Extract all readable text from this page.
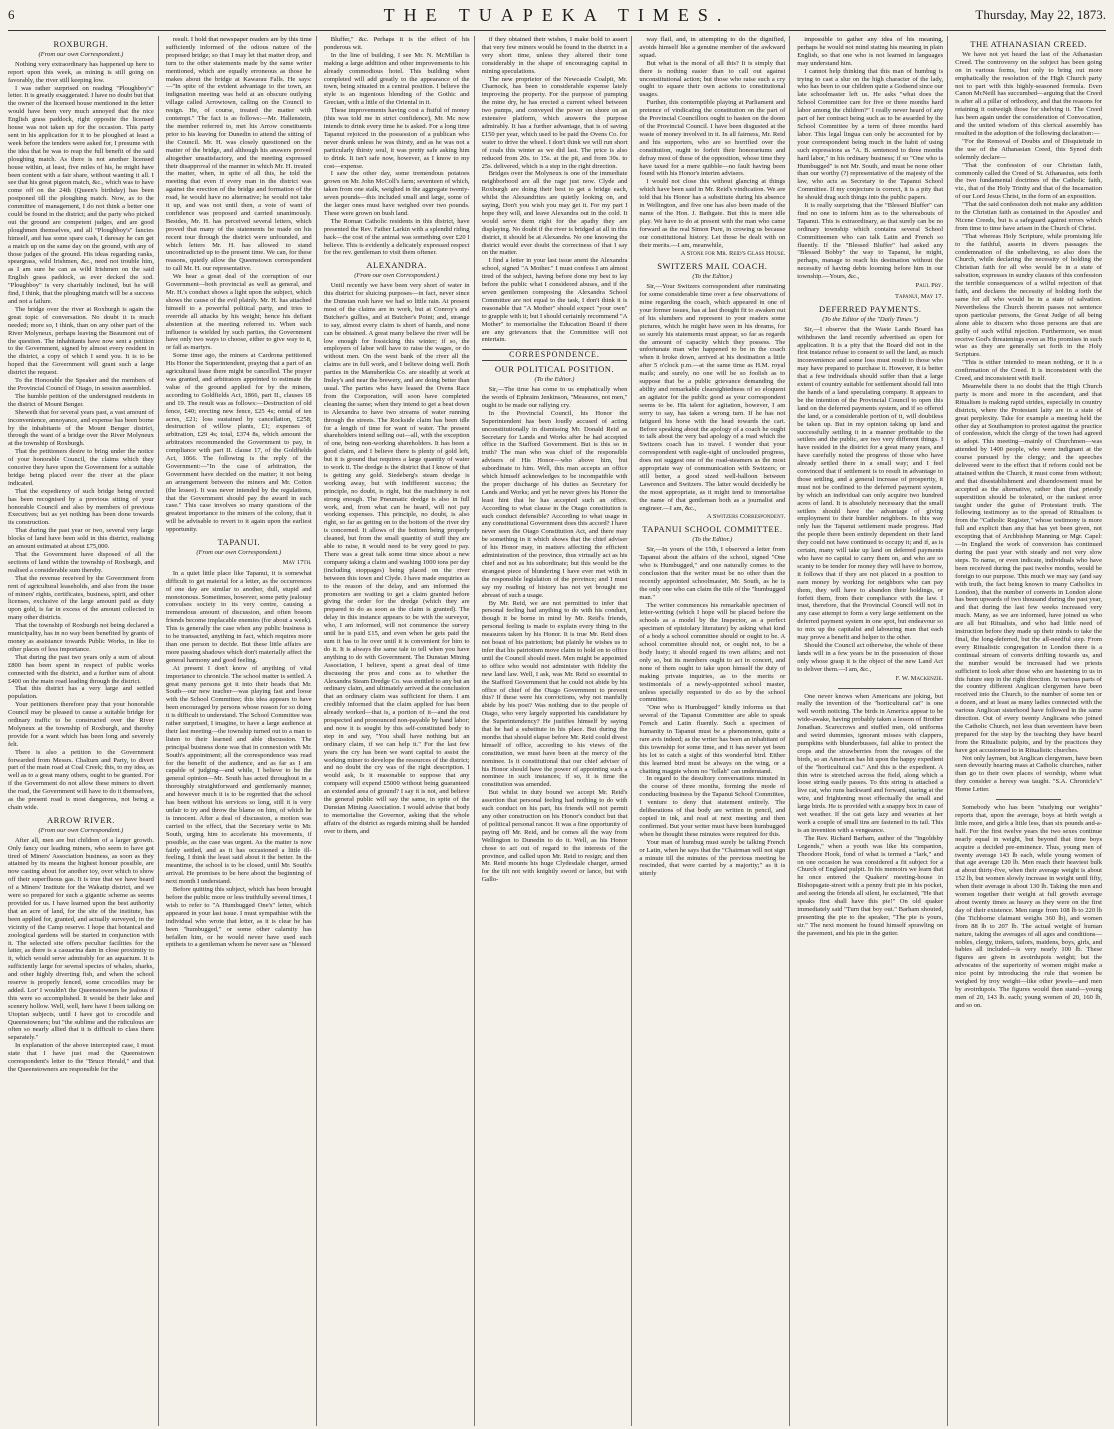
6	THE TUAPEKA TIMES.	Thursday, May 22, 1873.
ROXBURGH.
(From our own Correspondent.)
Nothing very extraordinary has happened up here to report upon this week, as mining is still going on favorably, the river still keeping low.
I was rather surprised on reading "Ploughboy's" letter. It is greatly exaggerated. I have no doubt but that the owner of the licensed house mentioned in the letter would have been very much annoyed that the nice English grass paddock, right opposite the licensed house was not taken up for the occasion. This party sent in his application for it to be ploughed at least a week before the tenders were asked for, I presume with the idea that he was to reap the full benefit of the said ploughing match. As there is not another licensed house within, at least, five miles of his, he might have been content with a fair share, without wanting it all. I see that his great pigeon match, &c., which was to have come off on the 24th (Queen's birthday) has been postponed till the ploughing match. Now, as to the committee of management, I do not think a better one could be found in the district; and the party who picked out the ground are competent judges, and are good ploughmen themselves, and all "Ploughboy's" fancies himself, and has some spare cash, I daresay he can get a match up on the same day on the ground, with any of those judges of the ground. His ideas regarding ranks, speargrass, wild Irishmen, &c., need not trouble him, as I am sure he can as wild Irishmen on the said English grass paddock, as ever decked the sod. "Ploughboy" is very charitably inclined, but he will find, I think, that the ploughing match will be a success and not a failure.
The bridge over the river at Roxburgh is again the great topic of conversation. No doubt it is much needed; more so, I think, than on any other part of the River Molyneux, perhaps leaving the Beaumont out of the question. The inhabitants have now sent a petition to the Government, signed by almost every resident in the district, a copy of which I send you. It is to be hoped that the Government will grant such a large district the request.
To the Honorable the Speaker and the members of the Provincial Council of Otago, in session assembled.
The humble petition of the undersigned residents in the district of Mount Benger.
Sheweth that for several years past, a vast amount of inconvenience, annoyance, and expense has been borne by the inhabitants of the Mount Benger district, through the want of a bridge over the River Molyneux at the township of Roxburgh.
That the petitioners desire to bring under the notice of your honorable Council, the claims which they conceive they have upon the Government for a suitable bridge being placed over the river at the place indicated.
That the expediency of such bridge being erected has been recognised by a previous sitting of your honorable Council and also by members of previous Executives; but as yet nothing has been done towards its construction.
That during the past year or two, several very large blocks of land have been sold in this district, realising an amount estimated at about £75,000.
That the Government have disposed of all the sections of land within the township of Roxburgh, and realised a considerable sum thereby.
That the revenue received by the Government from rent of agricultural leaseholds, and also from the issue of miners' rights, certificates, business, spirit, and other licenses, exclusive of the large amount paid as duty upon gold, is far in excess of the amount collected in many other districts.
That the township of Roxburgh not being declared a municipality, has in no way been benefited by grants of money as assistance towards Public Works, in like to other places of less importance.
That during the past two years only a sum of about £800 has been spent in respect of public works connected with the district, and a further sum of about £400 on the main road leading through the district.
That this district has a very large and settled population.
Your petitioners therefore pray that your honorable Council may be pleased to cause a suitable bridge for ordinary traffic to be constructed over the River Molyneux at the township of Roxburgh, and thereby provide for a want which has been long and severely felt.
There is also a petition to the Government forwarded from Messrs. Chalturn and Party, to divert part of the main road at Coal Creek; this, to my idea, as well as to a great many others, ought to be granted. For if the Government do not allow these miners to divert the road, the Government will have to do it themselves, as the present road is most dangerous, not being a chain wide.
ARROW RIVER.
(From our own Correspondent.)
After all, men are but children of a larger growth. Only fancy our leading miners, who seem to have got tired of Miners' Association business, as soon as they attained by its means the highest honour possible, are now casting about for another toy, over which to show off their superfluous gas. It is true that we have heard of a Miners' Institute for the Wakatip district, and we were so prepared for such a gigantic scheme as seems provided for us. I have learned upon the best authority that an acre of land, for the site of the institute, has been applied for, granted, and actually surveyed, in the vicinity of the Camp reserve. I hope that botanical and zoological gardens will be started in conjunction with it. The selected site offers peculiar facilities for the latter, as there is a casuarina dam in close proximity to it, which would serve admirably for an aquarium. It is sufficiently large for several species of whales, sharks, and other highly diverting fish, and when the school reserve is properly fenced, some crocodiles may be added. Lor' I wouldn't the Queenstowners be jealous if this were so accomplished. It would be their lake and scenery hollow. Well, well, here have I been talking on Utopian subjects, until I have got to crocodile and Queenstowners; but "the sublime and the ridiculous are often so nearly allied that it is difficult to class them separately."
In explanation of the above intercepted case, I must state that I have just read the Queenstown correspondent's letter to the "Bruce Herald," and that the Queenstowners are responsible for the
result. I hold that newspaper readers are by this time sufficiently informed of the odious nature of the proposed bridge; so that I may let that matter drop, and turn to the other statements made by the same writer mentioned, which are equally erroneous as those he makes about the bridge at Kawarau Falls. He says:—"In spite of the evident advantage to the town, an indignation meeting was held at an obscure outlying village called Arrowtown, calling on the Council to resign. He, of course, treated the matter with contempt." The fact is as follows:—Mr. Hallenstein, the member referred to, met his Arrow constituents prior to his leaving for Dunedin to attend the sitting of the Council. Mr. H. was closely questioned on the matter of the bridge, and although his answers proved altogether unsatisfactory, and the meeting expressed their disapproval of the manner in which Mr. H. treated the matter, when, in spite of all this, he told the meeting that even if every man in the district was against the erection of the bridge and formation of the road, he would have no alternative; he would not take it up, and was not until then, a vote of want of confidence was proposed and carried unanimously. Besides, Mr. H. has perceived several letters, which proved that many of the statements he made on his recent tour through the district were unfounded, and which letters Mr. H. has allowed to stand uncontradicted up to the present time. We can, for these reasons, quietly allow the Queenstown correspondent to call Mr. H. our representative.
We hear a great deal of the corruption of our Government—both provincial as well as general, and Mr. H.'s conduct shows a light upon the subject, which shows the cause of the evil plainly. Mr. H. has attached himself to a powerful political party, and tries to override all attacks by his weight; hence his defiant abstention at the meeting referred to. When such influence is wielded by such parties, the Government have only two ways to choose, either to give way to it, or fall as martyrs.
Some time ago, the miners at Cardrona petitioned His Honor the Superintendent, praying that a part of an agricultural lease there might be cancelled. The prayer was granted, and arbitrators appointed to estimate the value of the ground applied for by the miners, according to Goldfields Act, 1866, part II., clauses 18 and 19. The result was as follows:—Destruction of old fence, £40; erecting new fence, £25 4s; rental of ten acres, £21; loss sustained by cancellation, £258; destruction of willow plants, £1; expenses of arbitration, £29 4s; total, £374 8s, which amount the arbitrators recommended the Government to pay, in compliance with part II. clause 17, of the Goldfields Act, 1866. The following is the reply of the Government:—"In the case of arbitration, the Government have decided on the matter; it not being an arrangement between the miners and Mr. Cotton (the lessee). It was never intended by the regulations, that the Government should pay the award in such case." This case involves so many questions of the greatest importance to the miners of the colony, that it will be advisable to revert to it again upon the earliest opportunity.
TAPANUI.
(From our own Correspondent.)
May 17th.
In a quiet little place like Tapanui, it is somewhat difficult to get material for a letter, as the occurrences of one day are similar to another, dull, stupid and monotonous. Sometimes, however, some petty jealousy convulses society to its very centre, causing a tremendous amount of discussion, and often bosom friends become implacable enemies (for about a week). This is generally the case when any public business is to be transacted, anything in fact, which requires more than one person to decide. But these little affairs are more passing shadows which don't materially affect the general harmony and good feeling.
At present I don't know of anything of vital importance to chronicle. The school matter is settled. A great many persons got it into their heads that Mr. South—our new teacher—was playing fast and loose with the School Committee; this idea appears to have been encouraged by persons whose reason for so doing it is difficult to understand. The School Committee was rather surprised, I imagine, to have a large audience at their last meeting—the township turned out to a man to listen to their learned and able discussion. The principal business done was that in connexion with Mr. South's appointment; all the correspondence was read for the benefit of the audience, and as far as I am capable of judging—and while, I believe to be the general opinion—Mr. South has acted throughout in a thoroughly straightforward and gentlemanly manner, and however much it is to be regretted that the school has been without his services so long, still it is very unfair to try and throw the blame on him, of which he is innocent. After a deal of discussion, a motion was carried to the effect, that the Secretary write to Mr. South, urging him to accelerate his movements, if possible, as the case was urgent. As the matter is now fairly settled, and as it has occasioned a little ill-feeling, I think the least said about it the better. In the meantime, the school is to be closed, until Mr. South's arrival. He promises to be here about the beginning of next month I understand.
Before quitting this subject, which has been brought before the public more or less truthfully several times, I wish to refer to "A Humbugged One's" letter, which appeared in your last issue. I must sympathise with the individual who wrote that letter, as it is clear he has been "humbugged," or some other calamity has befallen him, or he would never have used such epithets to a gentleman whom he never saw as "blessed
Bluffer," &c. Perhaps it is the effect of his ponderous wit.
In the line of building, I see Mr. N. McMillan is making a large addition and other improvements to his already commodious hotel. This building when completed will add greatly to the appearance of the town, being situated in a central position. I believe the style is an ingenious blending of the Gothic and Grecian, with a little of the Oriental in it.
These improvements having cost a fistful of money (this was told me in strict confidence), Mr. Mc now intends to drink every time he is asked. For a long time Tapanui rejoiced in the possession of a publican who never drank unless he was thirsty, and as he was not a particularly thirsty soul, it was pretty safe asking him to drink. It isn't safe now, however, as I know to my cost—expense.
I saw the other day, some tremendous potatoes grown on Mr. John McColl's farm; seventeen of which, taken from one stalk, weighed in the aggregate twenty-seven pounds—this included small and large, some of the larger ones must have weighed over two pounds. These were grown on bush land.
The Roman Catholic residents in this district, have presented the Rev. Father Larkin with a splendid riding hack—the cost of the animal was something over £20 I believe. This is evidently a delicately expressed respect for the rev. gentleman to visit them oftener.
ALEXANDRA.
(From our own Correspondent.)
Until recently we have been very short of water in this district for sluicing purposes—in fact, never since the Dunstan rush have we had so little rain. At present most of the claims are in work, but at Conroy's and Butcher's gullies, and at Butcher's Point; and, strange to say, almost every claim is short of hands, and none can be obtained. A great many believe the river will be low enough for fossicking this winter; if so, the employers of labor will have to raise the wages, or do without men. On the west bank of the river all the claims are in full work, and I believe doing well. Both parties in the Manuherikia Co. are steadily at work at Insley's and near the brewery, and are doing better than usual. The parties who have leased the Ovens Race from the Corporation, will soon have completed cleaning the same; when they intend to get a beat down to Alexandra to have two streams of water running through the streets. The Rockside claim has been idle for a length of time for want of water. The present shareholders intend selling out—all, with the exception of one, being non-working shareholders. It has been a good claim, and I believe there is plenty of gold left, but it is ground that requires a large quantity of water to work it. The dredge is the district that I know of that is getting any gold. Siedeberg's steam dredge is working away, but with indifferent success; the principle, no doubt, is right, but the machinery is not strong enough. The Pneumatic dredge is also in full work, and, from what can be heard, will not pay working expenses. This principle, no doubt, is also right, so far as getting on to the bottom of the river dry is concerned. It allows of the bottom being properly cleaned, but from the small quantity of stuff they are able to raise, it would need to be very good to pay. There was a great talk some time since about a new company taking a claim and washing 1000 tons per day (including stoppages) being placed on the river between this town and Clyde. I have made enquiries as to the reason of the delay, and am informed the promoters are waiting to get a claim granted before giving the order for the dredge (which they are prepared to do as soon as the claim is granted). The delay in this instance appears to be with the surveyor, who, I am informed, will not commence the survey until he is paid £15, and even when he gets paid the sum it has to lie over until it is convenient for him to do it. It is always the same tale to tell when you have anything to do with Government. The Dunstan Mining Association, I believe, spent a great deal of time discussing the pros and cons as to whether the Alexandra Steam Dredge Co. was entitled to any but an ordinary claim, and ultimately arrived at the conclusion that an ordinary claim was sufficient for them. I am credibly informed that the claim applied for has been already worked—that is, a portion of it—and the rest prospected and pronounced non-payable by hand labor; and now it is sought by this self-constituted body to step in and say, "You shall have nothing but an ordinary claim, if we can help it." For the last few years the cry has been we want capital to assist the working miner to develope the resources of the district; and no doubt the cry was of the right description. I would ask, Is it reasonable to suppose that any company will expend £5000 without being guaranteed an extended area of ground? I say it is not, and believe the general public will say the same, in spite of the Dunstan Mining Association. I would advise that body to memorialise the Governor, asking that the whole affairs of the district as regards mining shall be handed over to them, and
if they obtained their wishes, I make bold to assert that very few miners would be found in the district in a very short time, unless they altered their tone considerably in the shape of encouraging capital in mining speculations.
The new proprietor of the Newcastle Coalpit, Mr. Charnock, has been to considerable expense lately improving the property. For the purpose of pumping the mine dry, he has erected a current wheel between two pumps, and conveyed the power on shore on an extensive platform, which answers the purpose admirably. It has a further advantage, that is of saving £150 per year, which used to be paid the Ovens Co. for water to drive the wheel. I don't think we will run short of coals this winter as we did last. The price is also reduced from 20s. to 15s. at the pit, and from 30s. to 25s. delivered, which is a step in the right direction.
Bridges over the Molyneux is one of the immediate neighborhood are all the rage just now. Clyde and Roxburgh are doing their best to get a bridge each, whilst the Alexandrites are quietly looking on, and saying, Don't you wish you may get it. For my part I hope they will, and leave Alexandra out in the cold. It would serve them right for the apathy they are displaying. No doubt if the river is bridged at all in this district, it should be at Alexandra. No one knowing the district would ever doubt the correctness of that I say on the matter.
I find a letter in your last issue anent the Alexandra school, signed "A Mother." I must confess I am almost tired of the subject, having before done my best to lay before the public what I considered abuses, and if the seven gentlemen composing the Alexandra School Committee are not equal to the task, I don't think it is reasonable that "A Mother" should expect "your own" to grapple with it; but I should certainly recommend "A Mother" to memorialise the Education Board if there are any grievances that the Committee will not entertain.
CORRESPONDENCE.
OUR POLITICAL POSITION.
(To the Editor.)
Sir,—The time has come to us emphatically when the words of Ephraim Jenkinson, "Measures, not men," ought to be made our rallying cry.
In the Provincial Council, his Honor the Superintendent has been loudly accused of acting unconstitutionally in dismissing Mr. Donald Reid as Secretary for Lands and Works after he had accepted office in the Stafford Government. But is this so in truth? The man who was chief of the responsible advisers of His Honor—who above him, but subordinate to him. Well, this man accepts an office which himself acknowledges to be incompatible with the proper discharge of his duties as Secretary for Lands and Works; and yet he never gives his Honor the least hint that he has accepted such an office. According to what clause in the Otago constitution is such conduct defensible? According to what usage in any constitutional Government does this accord? I have never seen the Otago Constitution Act, and there may be something in it which shows that the chief adviser of his Honor may, in matters affecting the efficient administration of the province, thus virtually act as his chief and not as his subordinate; but this would be the strangest piece of blundering I have ever met with in the responsible legislation of the province; and I must say my reading of history has not yet brought me abreast of such a usage.
By Mr. Reid, we are not permitted to infer that personal feeling had anything to do with his conduct, though it be borne in mind by Mr. Reid's friends, personal feeling is made to explain every thing in the measures taken by his Honor. It is true Mr. Reid does not boast of his patriotism; but plainly he wishes us to infer that his patriotism move claim to hold on to office until the Council should meet. Men might be appointed to office who would not administer with fidelity the new land law. Well, I ask, was Mr. Reid so essential to the Stafford Government that he could not abide by his office of chief of the Otago Government to prevent this? If these were his convictions, why not manfully abide by his post? Was nothing due to the people of Otago, who very largely supported his candidature by the Superintendency? He justifies himself by saying that he had a substitute in his place. But during the months that should elapse before Mr. Reid could divest himself of office, according to his views of the constitution, we must have been at the mercy of the nominee. Is it constitutional that our chief adviser of his Honor should have the power of appointing such a nominee in such instances; if so, it is time the constitution was amended.
But whilst in duty bound we accept Mr. Reid's assertion that personal feeling had nothing to do with such conduct on his part, his friends will not permit any other construction on his Honor's conduct but that of political personal rancor. It was a fine opportunity of paying off Mr. Reid, and he comes all the way from Wellington to Dunedin to do it. Well, as his Honor chose to act out of regard to the interests of the province, and called upon Mr. Reid to resign; and then Mr. Reid mounts his huge Clydesdale charger, armed for the tilt not with knightly sword or lance, but with Gallo-
way flail, and, in attempting to do the dignified, avoids himself like a genuine member of the awkward squad.
But what is the moral of all this? It is simply that there is nothing easier than to call out against unconstitutional action; but those who raise such a cry ought to square their own actions to constitutional usages.
Further, this contemptible playing at Parliament and pretence of vindicating the constitution on the part of the Provincial Councillors ought to hasten on the doom of the Provincial Council. I have been disgusted at the waste of money involved in it. In all fairness, Mr. Reid and his supporters, who are so horrified over the constitution, ought to forfeit their honorariums and defray most of these of the opposition, whose time they have taxed for a mere quibble—no fault having been found with his Honor's interim advisers.
I would not close this without glancing at things which have been said in Mr. Reid's vindication. We are told that his Honor has a substitute during his absence in Wellington, and five one has also been made of the name of the Hon. J. Bathgate. But this is mere idle play. We have to do at present with the man who came forward as the real Simon Pure, in crowing us because our constitutional history. Let those be dealt with on their merits.—I am, meanwhile,
A Stone for Mr. Reid's Glass House.
SWITZERS MAIL COACH.
(To the Editor.)
Sir,—Your Switzers correspondent after ruminating for some considerable time over a few observations of mine regarding the coach, which appeared in one of your former issues, has at last thought fit to awaken out of his slumbers and represent to your readers some pictures, which he might have seen in his dreams, for so surely his statements must appear, so far as regards the amount of capacity which they possess. The unfortunate man who happened to be in the coach when it broke down, arrived at his destination a little after 5 o'clock p.m.—at the same time as H.M. royal mails; and surely, no one will be so foolish as to suppose that be a public grievance demanding the ability and remarkable clearsightedness of so eloquent an agitator for the public good as your correspondent seems to be. His talent for agitation, however, I am sorry to say, has taken a wrong turn. If he has not fatigued his horse with the head towards the cart. Before speaking about the apology of a coach he ought to talk about the very bad apology of a road which the Switzers coach has to travel. I wonder that your correspondent with eagle-sight of unclouded progress, does not suggest one of the road-steamers as the most appropriate way of communication with Switzers; or still better, a good sized well-balloon between Lawrence and Switzers. The latter would decidedly be the most appropriate, as it might tend to immortalise the name of that gentleman both as a journalist and engineer.—I am, &c.,
A Switzers Correspondent.
TAPANUI SCHOOL COMMITTEE.
(To the Editor.)
Sir,—In yours of the 15th, I observed a letter from Tapanui about the affairs of the school, signed "One who is Humbugged," and one naturally comes to the conclusion that the writer must be no other than the recently appointed schoolmaster, Mr. South, as he is the only one who can claim the title of the "humbugged man."
The writer commences his remarkable specimen of letter-writing (which I hope will be placed before the schools as a model by the Inspector, as a perfect specimen of epistolary literature) by asking what kind of a body a school committee should or ought to be. A school committee should not, or ought not, to be a body lusty; it should regard its own affairs; and not only so, but its members ought to act in concert, and none of them ought to take upon himself the duty of making private inquiries, as to the merits or testimonials of a newly-appointed school master, unless specially requested to do so by the school committee.
"One who is Humbugged" kindly informs us that several of the Tapanui Committee are able to speak French and Latin fluently. Such a specimen of humanity in Tapanui must be a phenomenon, quite a rare avis indeed; as the writer has been an inhabitant of this township for some time, and it has never yet been his lot to catch a sight of this wonderful bird. Either this learned bird must be always on the wing, or a chatting magpie whom no "fellah" can understand.
In regard to the desultory conversations minuted in the course of three months, forming the mode of conducting business by the Tapanui School Committee, I venture to deny that statement entirely. The deliberations of that body are written in pencil, and copied in ink, and read at next meeting and then confirmed. But your writer must have been humbugged when he thought these minutes were required for this.
Your man of humbug must surely be talking French or Latin, when he says that the "Chairman will not sign a minute till the minutes of the previous meeting be rescinded, that were carried by a majority;" as it is utterly
impossible to gather any idea of his meaning, perhaps he would not mind stating his meaning in plain English, so that one who is not learned in languages may understand him.
I cannot help thinking that this man of humbug is trying to cast a slur on the high character of the lady, who has been to our children quite a Godsend since our late schoolmaster left us. He asks "what does the School Committee care for five or three months hard labor among the children?" I really never heard of any part of her contract being such as to be awarded by the School Committee by a term of three months hard labor. This legal lingua can only be accounted for by your correspondent being much in the habit of using such expressions as "A. B. sentenced to three months hard labor," in his ordinary business; if so "One who is Humbugged" is not Mr. South, and must be none other than our worthy (?) representative of the majesty of the law, who acts as Secretary to the Tapanui School Committee. If my conjecture is correct, it is a pity that he should drag such things into the public papers.
It is really surprising that the "Blessed Bluffer" can find no one to inform him as to the whereabouts of Tapanui. This is extraordinary, as that surely can be no ordinary township which contains several School Committeemen who can talk Latin and French so fluently. If the "Blessed Bluffer" had asked any "Blessed Bobby" the way to Tapanui, he might, perhaps, manage to reach his destination without the necessity of having debts looming before him in our township.—Yours, &c.,
Paul Pry.
Tapanui, May 17.
DEFERRED PAYMENTS.
(To the Editor of the "Daily Times.")
Sir,—I observe that the Waste Lands Board has withdrawn the land recently advertised as open for application. It is a pity that the Board did not in the first instance refuse to consent to sell the land, as much inconvenience and some loss must result to those who may have prepared to purchase it. However, it is better that a few individuals should suffer than that a large extent of country suitable for settlement should fall into the hands of a land speculating company. It appears to be the intention of the Provincial Council to open this land on the deferred payments system, and if so offered the land, or a considerable portion of it, will doubtless be taken up. But in my opinion taking up land and successfully settling it in a manner profitable to the settlers and the public, are two very different things. I have resided in the district for a great many years, and have carefully noted the progress of those who have already settled there in a small way; and I feel convinced that if settlement is to result in advantage to those settling, and a general increase of prosperity, it must not be confined to the deferred payment system, by which an individual can only acquire two hundred acres of land. It is absolutely necessary that the small settlers should have the advantage of giving employment to their humbler neighbors. In this way only has the Tapanui settlement made progress. Had the people there been entirely dependent on their land they could not have continued to occupy it; and if, as is certain, many will take up land on deferred payments who have no capital to carry them on, and who are so scanty to be tender for money they will have to borrow, it follows that if they are not placed in a position to earn money by working for neighbors who can pay them, they will have to abandon their holdings, or forfeit them, from their compliance with the law. I trust, therefore, that the Provincial Council will not in any case attempt to form a very large settlement on the deferred payment system in one spot, but endeavour so to mix up the capitalist and labouring man that each may prove a benefit and helper to the other.
Should the Council act otherwise, the whole of these lands will in a few years be in the possession of those only whose grasp it is the object of the new Land Act to deliver them.—I am, &c.,
F. W. Mackenzie.
One never knows when Americans are joking, but really the invention of the "horticultural cat" is one well worth noticing. The birds in America appear to be wide-awake, having probably taken a lesson of Brother Jonathan. Scarecrows and stuffed men, old uniforms and weird dummies, ignorant misses with clappers, pumpkins with blunderbusses, fail alike to protect the crops and the strawberries from the ravages of the birds, so an American has hit upon the happy expedient of the "horticultural cat." And this is the expedient. A thin wire is stretched across the field, along which a loose string easily passes. To this string is attached a live cat, who runs backward and forward, staring at the wire, and frightening most effectually the small and large birds. He is provided with a snappy box in case of wet weather. If the cat gets lazy and wearies at her work a couple of small tins are fastened to its tail. This is an invention with a vengeance.
The Rev. Richard Barham, author of the "Ingoldsby Legends," when a youth was like his companion, Theodore Hook, fond of what is termed a "lark," and on one occasion he was considered a fit subject for a Church of England pulpit. In his memoirs we learn that he once entered the Quakers' meeting-house in Bishopsgate-street with a penny fruit pie in his pocket, and seeing the friends all silent, he exclaimed, "He that speaks first shall have this pie!" On old quaker immediately said "Turn that boy out." Barham shouted, presenting the pie to the speaker, "The pie is yours, sir." The next moment he found himself sprawling on the pavement, and his pie in the gutter.
THE ATHANASIAN CREED.
We have not yet heard the last of the Athanasian Creed. The controversy on the subject has been going on in various forms, but only to bring out more emphatically the resolution of the High Church party not to part with this highly-seasoned formula. Even Canon McNeill has succumbed—arguing that the Creed is after all a pillar of orthodoxy, and that the reasons for retaining it outweigh those for shelving it. The Creed has been again under the consideration of Convocation, and the united wisdom of this clerical assembly has resulted in the adoption of the following declaration:—
"For the Removal of Doubts and of Disquietude in the use of the Athanasian Creed, this Synod doth solemnly declare—
"That the confession of our Christian faith, commonly called the Creed of St. Athanasius, sets forth the two fundamental doctrines of the Catholic faith, viz., that of the Holy Trinity and that of the Incarnation of our Lord Jesus Christ, in the form of an exposition.
"That the said confession doth not make any addition to the Christian faith as contained in the Apostles' and Nicene Creeds, but is a safeguard against errors which from time to time have arisen in the Church of Christ.
"That whereas Holy Scripture, while promising life to the faithful, asserts in divers passages the condemnation of the unbelieving, so also does the Church, while declaring the necessity of holding the Christian faith for all who would be in a state of salvation, expresses in sundry clauses of this confession the terrible consequences of a wilful rejection of that faith, and declares the necessity of holding forth the same for all who would be in a state of salvation. Nevertheless the Church therein passes not sentence upon particular persons, the Great Judge of all being alone able to discern who those persons are that are guilty of such wilful rejection. Furthermore, we must receive God's threatenings even as His promises in such wise as they are generally set forth in the Holy Scripture.
"This is either intended to mean nothing, or it is a confirmation of the Creed. It is inconsistent with the Creed, and inconsistent with itself.
Meanwhile there is no doubt that the High Church party is more and more in the ascendant, and that Ritualism is making rapid strides, especially in country districts, where the Protestant laity are in a state of great perplexity. Take for example a meeting held the other day at Southampton to protest against the practice of confession, which the clergy of the town had agreed to adopt. This meeting—mainly of Churchmen—was attended by 1400 people, who were indignant at the course pursued by the clergy; and the speeches delivered were to the effect that if reform could not be attained within the Church, it must come from without; and that disestablishment and disendowment must be accepted as the alternative, rather than that priestly superstition should be tolerated, or the rankest error taught under the guise of Protestant truth. The following testimony as to the spread of Ritualism is from the "Catholic Register," whose testimony is more full and explicit than any that has yet been given, not excepting that of Archbishop Manning or Mgr. Capel:—In England the work of conversion has continued during the past year with steady and not very slow steps. To name, or even indicate, individuals who have been received during the past twelve months, would be foreign to our purpose. This much we may say (and say with truth, the fact being known to many Catholics in London), that the number of converts in London alone has been upwards of two thousand during the past year, and that during the last few weeks increased very much. Many, as we are informed, have joined us who are all but Ritualists, and who had little need of instruction before they made up their minds to take the final, the long-deferred, but the all-needful step. From every Ritualistic congregation in London there is a continual stream of converts drifting towards us, and the number would be increased had we priests sufficient to look after those who are hastening to us in this future step in the right direction. In various parts of the country different Anglican clergymen have been received into the Church, to the number of some ten or a dozen, and at least as many ladies connected with the various Anglican sisterhood have followed in the same direction. Out of every twenty Anglicans who joined the Catholic Church, not less than seventeen have been prepared for the step by the teaching they have heard from the Ritualistic pulpits, and by the practices they have got accustomed to in Ritualistic churches.
Not only laymen, but Anglican clergymen, have been seen devoutly hearing mass at Catholic churches, rather than go to their own places of worship, where what they consider a heresy was taught. "S.A. Chronicle's" Home Letter.
Somebody who has been "studying our weights" reports that, upon the average, boys at birth weigh a little more, and girls a little less, than six pounds and-a-half. For the first twelve years the two sexes continue nearly equal in weight, but beyond that time boys acquire a decided pre-eminence. Thus, young men of twenty average 143 lb each, while young women of that age average 120 lb. Men reach their heaviest bulk at about thirty-five, when their average weight is about 152 lb, but women slowly increase in weight until fifty, when their average is about 130 lb. Taking the men and women together their weight at full growth average about twenty times as heavy as they were on the first day of their existence. Men range from 108 lb to 220 lb (the Tichborne claimant weighs 360 lb), and women from 88 lb to 207 lb. The actual weight of human nature, taking the averages of all ages and conditions—nobles, clergy, tinkers, tailors, maidens, boys, girls, and babies all included—is very nearly 100 lb. These figures are given in avoirdupois weight; but the advocates of the superiority of women might make a nice point by introducing the rule that women be weighed by troy weight—like other jewels—and men by avoirdupois. The figures would then stand—young men of 20, 143 lb. each; young women of 20, 160 lb, and so on.
